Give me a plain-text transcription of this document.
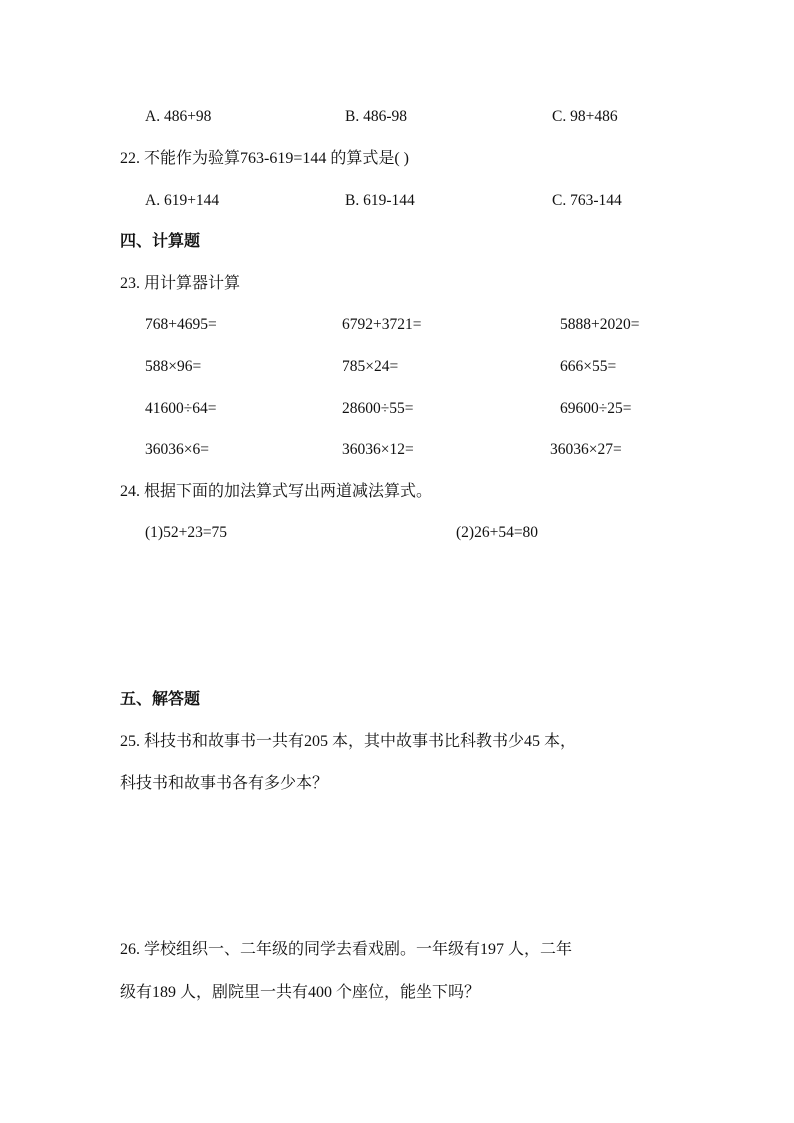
A. 486+98	B. 486-98	C. 98+486
22. 不能作为验算763-619=144 的算式是( )
A. 619+144	B. 619-144	C. 763-144
四、计算题
23. 用计算器计算
768+4695=	6792+3721=	5888+2020=
588×96=	785×24=	666×55=
41600÷64=	28600÷55=	69600÷25=
36036×6=	36036×12=	36036×27=
24. 根据下面的加法算式写出两道减法算式。
(1)52+23=75	(2)26+54=80
五、解答题
25. 科技书和故事书一共有205 本，其中故事书比科教书少45 本，
科技书和故事书各有多少本？
26. 学校组织一、二年级的同学去看戏剧。一年级有197 人，二年
级有189 人，剧院里一共有400 个座位，能坐下吗？
